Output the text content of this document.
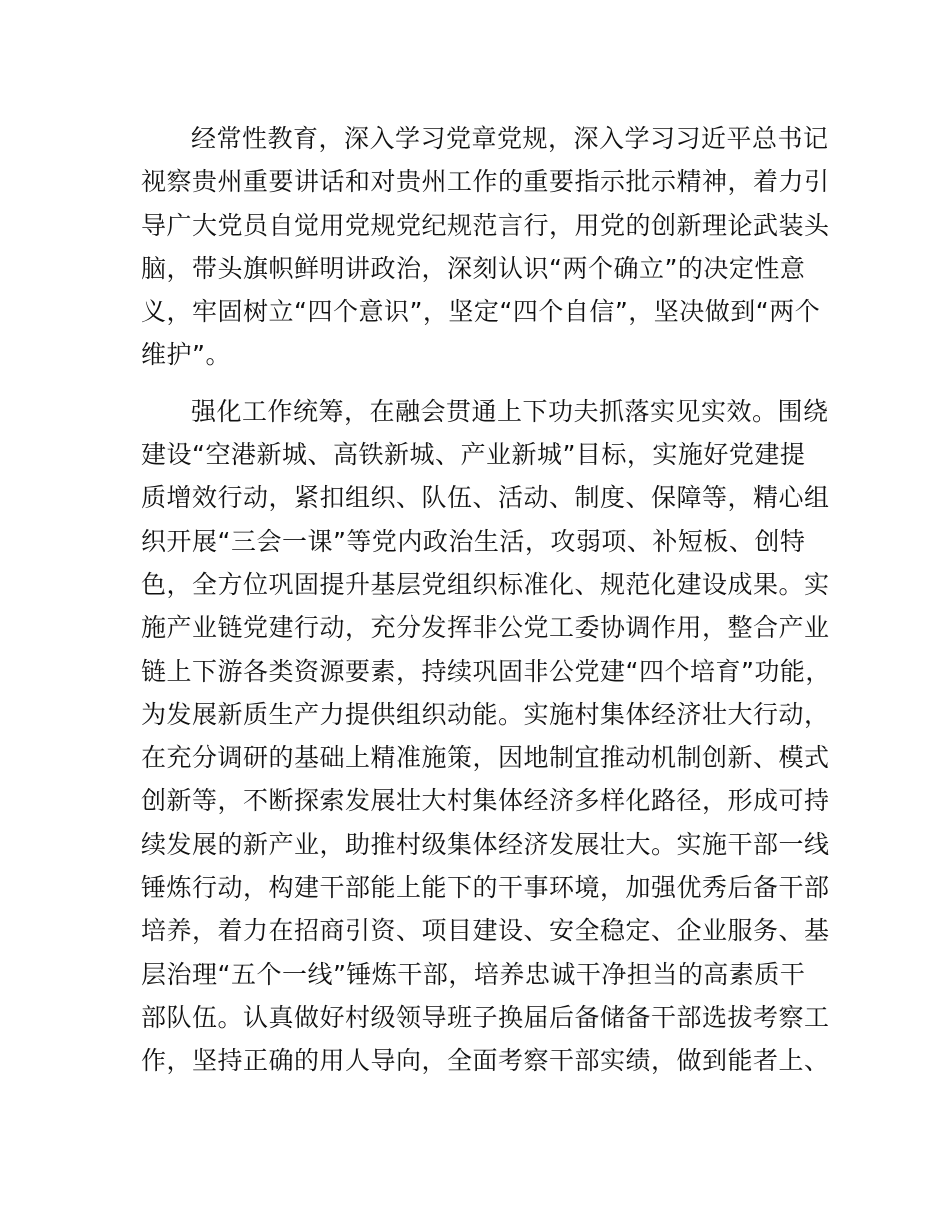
经常性教育，深入学习党章党规，深入学习习近平总书记
视察贵州重要讲话和对贵州工作的重要指示批示精神，着力引
导广大党员自觉用党规党纪规范言行，用党的创新理论武装头
脑，带头旗帜鲜明讲政治，深刻认识“两个确立”的决定性意
义，牢固树立“四个意识”，坚定“四个自信”，坚决做到“两个
维护”。
强化工作统筹，在融会贯通上下功夫抓落实见实效。围绕
建设“空港新城、高铁新城、产业新城”目标，实施好党建提
质增效行动，紧扣组织、队伍、活动、制度、保障等，精心组
织开展“三会一课”等党内政治生活，攻弱项、补短板、创特
色，全方位巩固提升基层党组织标准化、规范化建设成果。实
施产业链党建行动，充分发挥非公党工委协调作用，整合产业
链上下游各类资源要素，持续巩固非公党建“四个培育”功能，
为发展新质生产力提供组织动能。实施村集体经济壮大行动，
在充分调研的基础上精准施策，因地制宜推动机制创新、模式
创新等，不断探索发展壮大村集体经济多样化路径，形成可持
续发展的新产业，助推村级集体经济发展壮大。实施干部一线
锤炼行动，构建干部能上能下的干事环境，加强优秀后备干部
培养，着力在招商引资、项目建设、安全稳定、企业服务、基
层治理“五个一线”锤炼干部，培养忠诚干净担当的高素质干
部队伍。认真做好村级领导班子换届后备储备干部选拔考察工
作，坚持正确的用人导向，全面考察干部实绩，做到能者上、
